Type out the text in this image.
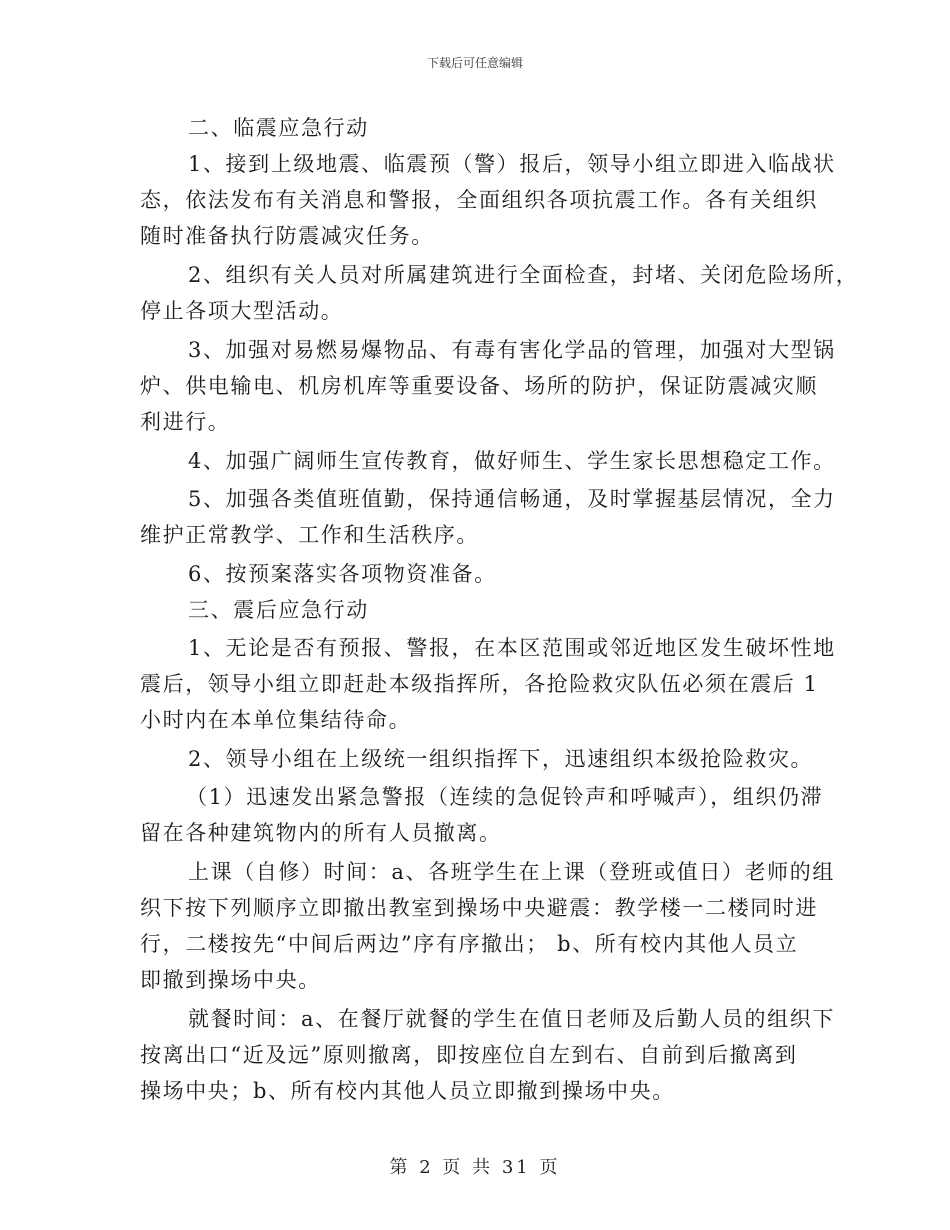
下载后可任意编辑
二、临震应急行动
1、接到上级地震、临震预（警）报后，领导小组立即进入临战状
态，依法发布有关消息和警报，全面组织各项抗震工作。各有关组织
随时准备执行防震减灾任务。
2、组织有关人员对所属建筑进行全面检查，封堵、关闭危险场所，
停止各项大型活动。
3、加强对易燃易爆物品、有毒有害化学品的管理，加强对大型锅
炉、供电输电、机房机库等重要设备、场所的防护，保证防震减灾顺
利进行。
4、加强广阔师生宣传教育，做好师生、学生家长思想稳定工作。
5、加强各类值班值勤，保持通信畅通，及时掌握基层情况，全力
维护正常教学、工作和生活秩序。
6、按预案落实各项物资准备。
三、震后应急行动
1、无论是否有预报、警报，在本区范围或邻近地区发生破坏性地
震后，领导小组立即赶赴本级指挥所，各抢险救灾队伍必须在震后 1
小时内在本单位集结待命。
2、领导小组在上级统一组织指挥下，迅速组织本级抢险救灾。
（1）迅速发出紧急警报（连续的急促铃声和呼喊声），组织仍滞
留在各种建筑物内的所有人员撤离。
上课（自修）时间：a、各班学生在上课（登班或值日）老师的组
织下按下列顺序立即撤出教室到操场中央避震：教学楼一二楼同时进
行，二楼按先“中间后两边”序有序撤出； b、所有校内其他人员立
即撤到操场中央。
就餐时间：a、在餐厅就餐的学生在值日老师及后勤人员的组织下
按离出口“近及远”原则撤离，即按座位自左到右、自前到后撤离到
操场中央；b、所有校内其他人员立即撤到操场中央。
第 2 页 共 31 页
